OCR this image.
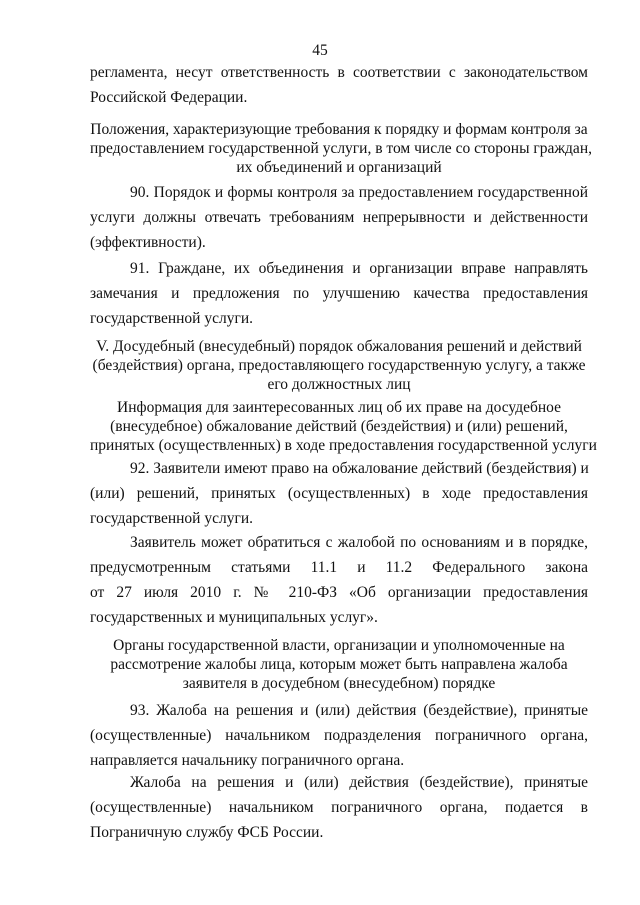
45
регламента, несут ответственность в соответствии с законодательством
Российской Федерации.
Положения, характеризующие требования к порядку и формам контроля за
предоставлением государственной услуги, в том числе со стороны граждан,
их объединений и организаций
90. Порядок и формы контроля за предоставлением государственной
услуги должны отвечать требованиям непрерывности и действенности
(эффективности).
91. Граждане, их объединения и организации вправе направлять
замечания и предложения по улучшению качества предоставления
государственной услуги.
V. Досудебный (внесудебный) порядок обжалования решений и действий
(бездействия) органа, предоставляющего государственную услугу, а также
его должностных лиц
Информация для заинтересованных лиц об их праве на досудебное
(внесудебное) обжалование действий (бездействия) и (или) решений,
принятых (осуществленных) в ходе предоставления государственной услуги
92. Заявители имеют право на обжалование действий (бездействия) и
(или) решений, принятых (осуществленных) в ходе предоставления
государственной услуги.
Заявитель может обратиться с жалобой по основаниям и в порядке,
предусмотренным статьями 11.1 и 11.2 Федерального закона
от 27 июля 2010 г. № 210-ФЗ «Об организации предоставления
государственных и муниципальных услуг».
Органы государственной власти, организации и уполномоченные на
рассмотрение жалобы лица, которым может быть направлена жалоба
заявителя в досудебном (внесудебном) порядке
93. Жалоба на решения и (или) действия (бездействие), принятые
(осуществленные) начальником подразделения пограничного органа,
направляется начальнику пограничного органа.
Жалоба на решения и (или) действия (бездействие), принятые
(осуществленные) начальником пограничного органа, подается в
Пограничную службу ФСБ России.
